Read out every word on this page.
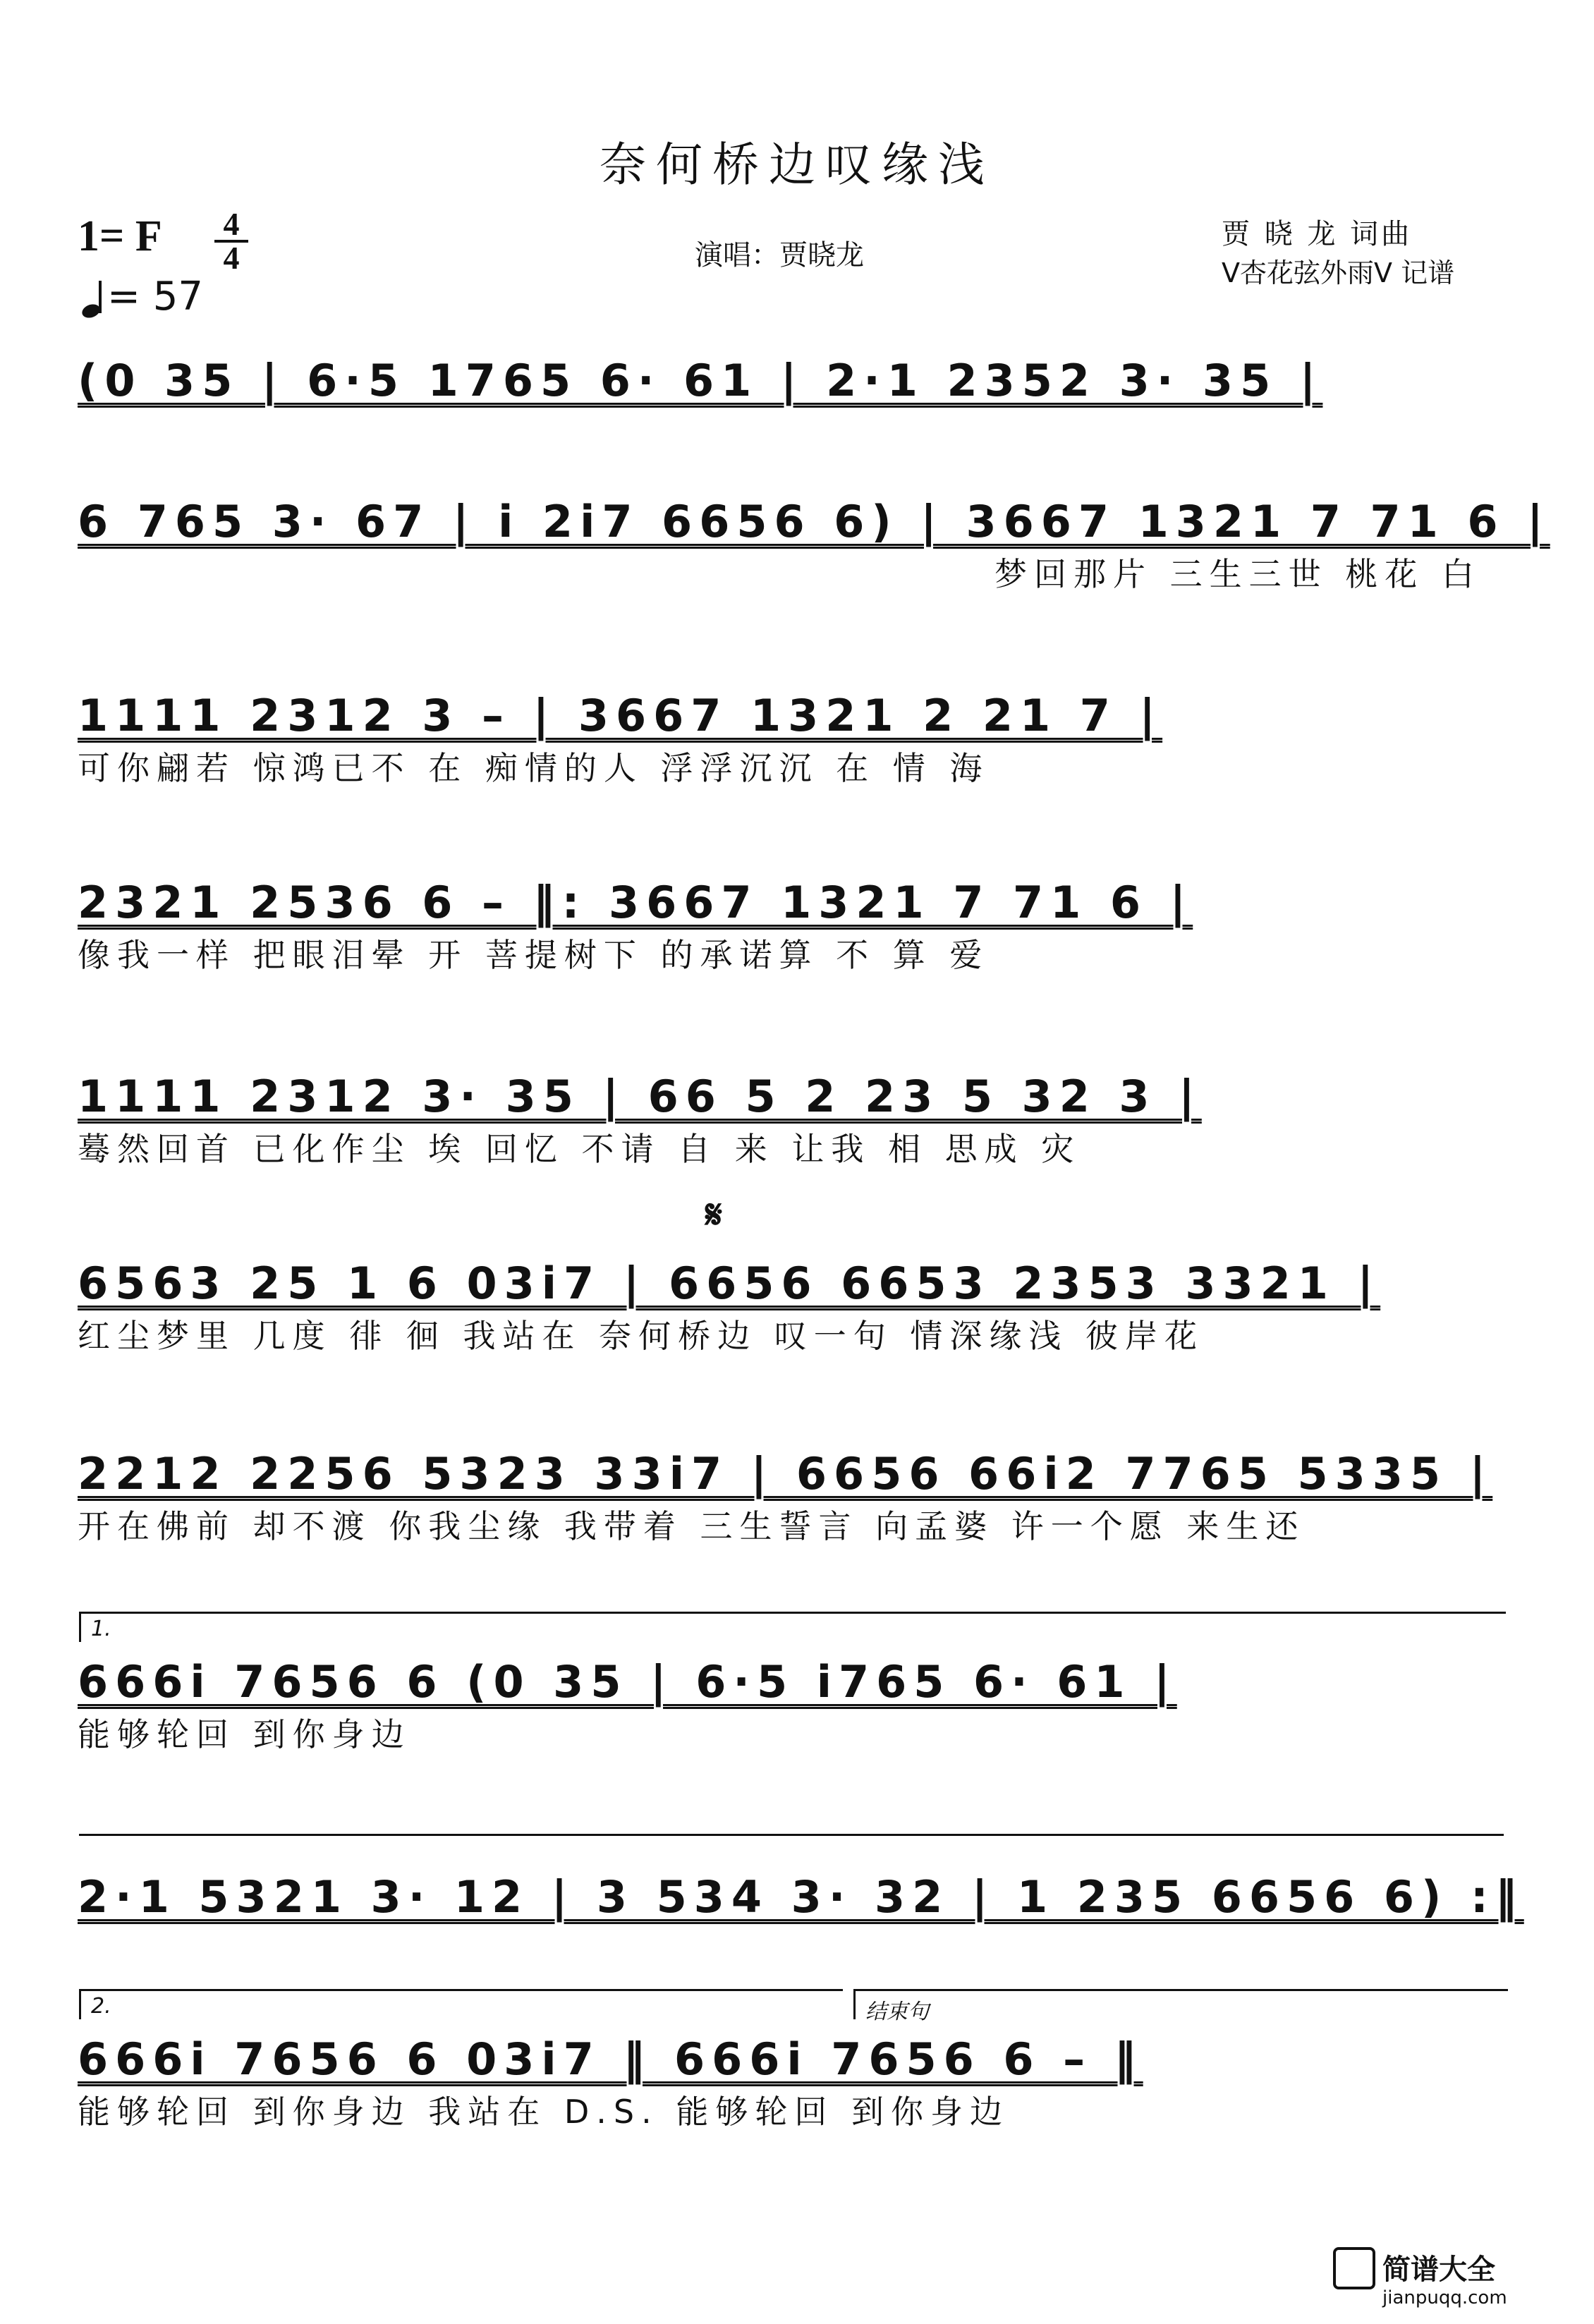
奈何桥边叹缘浅
1= F	4
4
= 57
演唱：贾晓龙
贾 晓 龙 词曲
V杏花弦外雨V 记谱
(0 35 | 6·5 1765 6· 61 | 2·1 2352 3· 35 |
6 765 3· 67 | i 2i7 6656 6) | 3667 1321 7 71 6 |
梦回那片 三生三世 桃花 白
1111 2312 3 – | 3667 1321 2 21 7 |
可你翩若 惊鸿已不 在 痴情的人 浮浮沉沉 在 情 海
2321 2536 6 – ‖: 3667 1321 7 71 6 |
像我一样 把眼泪晕 开 菩提树下 的承诺算 不 算 爱
1111 2312 3· 35 | 66 5 2 23 5 32 3 |
蓦然回首 已化作尘 埃 回忆 不请 自 来 让我 相 思成 灾
𝄋
6563 25 1 6 03i7 | 6656 6653 2353 3321 |
红尘梦里 几度 徘 徊 我站在 奈何桥边 叹一句 情深缘浅 彼岸花
2212 2256 5323 33i7 | 6656 66i2 7765 5335 |
开在佛前 却不渡 你我尘缘 我带着 三生誓言 向孟婆 许一个愿 来生还
1.
666i 7656 6 (0 35 | 6·5 i765 6· 61 |
能够轮回 到你身边
2·1 5321 3· 12 | 3 534 3· 32 | 1 235 6656 6) :‖
2.	结束句
666i 7656 6 03i7 ‖ 666i 7656 6 – ‖
能够轮回 到你身边 我站在 D.S. 能够轮回 到你身边
简谱大全
jianpuqq.com
